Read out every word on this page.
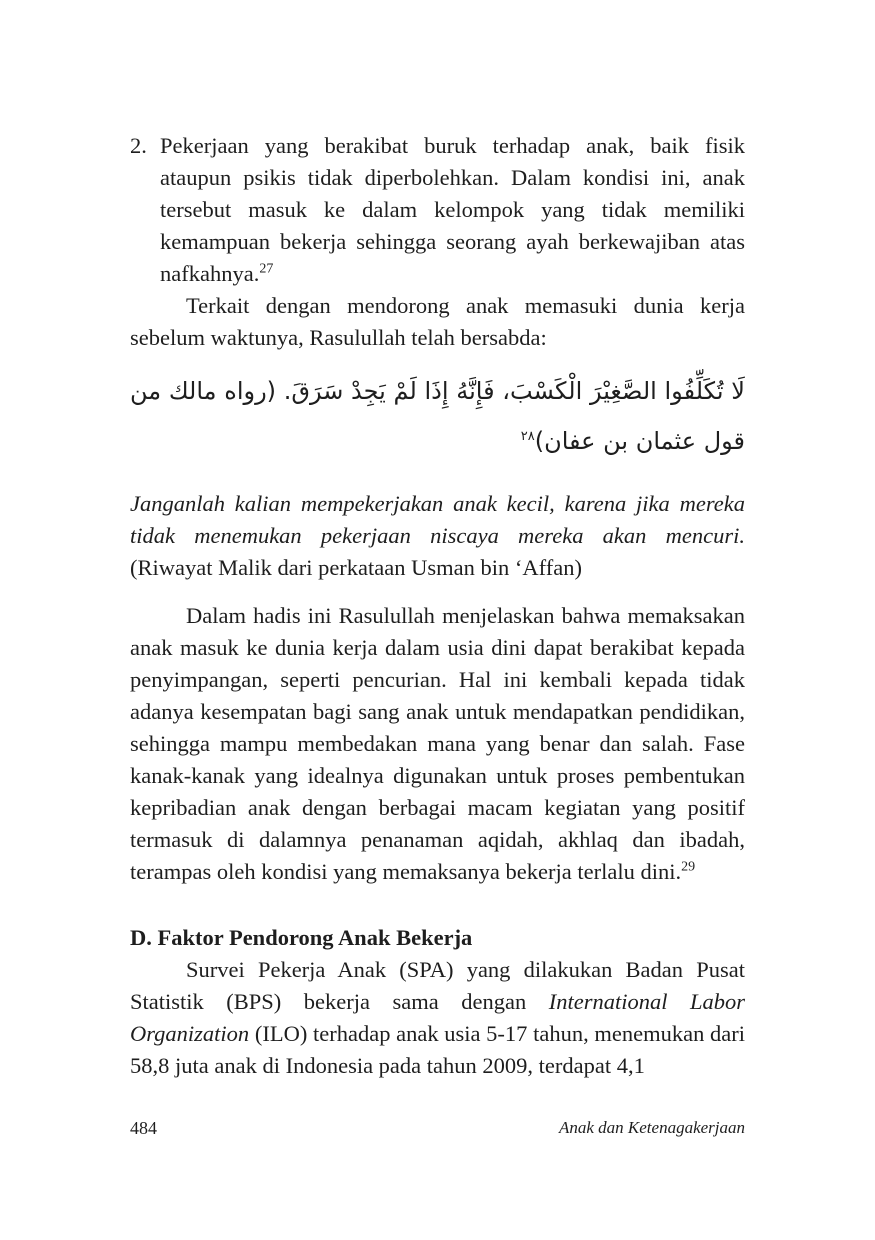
2. Pekerjaan yang berakibat buruk terhadap anak, baik fisik ataupun psikis tidak diperbolehkan. Dalam kondisi ini, anak tersebut masuk ke dalam kelompok yang tidak memiliki kemampuan bekerja sehingga seorang ayah berkewajiban atas nafkahnya.$^{27}$

Terkait dengan mendorong anak memasuki dunia kerja sebelum waktunya, Rasulullah telah bersabda:

لَا تُكَلِّفُوا الصَّغِيْرَ الْكَسْبَ، فَإِنَّهُ إِذَا لَمْ يَجِدْ سَرَقَ. (رواه مالك من قول عثمان بن عفان)$^{٢٨}$

Janganlah kalian mempekerjakan anak kecil, karena jika mereka tidak menemukan pekerjaan niscaya mereka akan mencuri. (Riwayat Malik dari perkataan Usman bin ‘Affan)

Dalam hadis ini Rasulullah menjelaskan bahwa memaksakan anak masuk ke dunia kerja dalam usia dini dapat berakibat kepada penyimpangan, seperti pencurian. Hal ini kembali kepada tidak adanya kesempatan bagi sang anak untuk mendapatkan pendidikan, sehingga mampu membedakan mana yang benar dan salah. Fase kanak-kanak yang idealnya digunakan untuk proses pembentukan kepribadian anak dengan berbagai macam kegiatan yang positif termasuk di dalamnya penanaman aqidah, akhlaq dan ibadah, terampas oleh kondisi yang memaksanya bekerja terlalu dini.$^{29}$

D. Faktor Pendorong Anak Bekerja

Survei Pekerja Anak (SPA) yang dilakukan Badan Pusat Statistik (BPS) bekerja sama dengan International Labor Organization (ILO) terhadap anak usia 5-17 tahun, menemukan dari 58,8 juta anak di Indonesia pada tahun 2009, terdapat 4,1

484	Anak dan Ketenagakerjaan
